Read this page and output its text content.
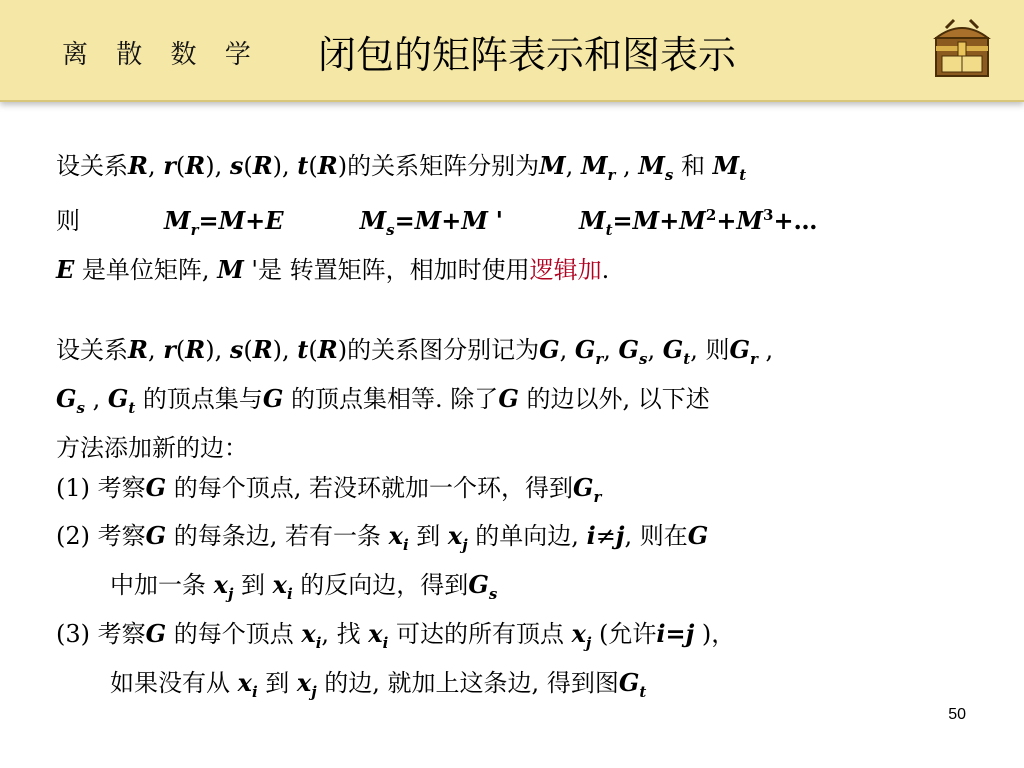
离 散 数 学 闭包的矩阵表示和图表示
设关系R, r(R), s(R), t(R)的关系矩阵分别为M, $M_r$ , $M_s$ 和 $M_t$
则	$M_r=M+E$	$M_s=M+M$ '	$M_t=M+M^2+M^3+\dots$
E 是单位矩阵, M '是 转置矩阵，相加时使用逻辑加.
设关系R, r(R), s(R), t(R)的关系图分别记为G, $G_r$, $G_s$, $G_t$, 则$G_r$ ,
$G_s$ , $G_t$ 的顶点集与G 的顶点集相等. 除了G 的边以外, 以下述
方法添加新的边：
(1) 考察G 的每个顶点, 若没环就加一个环，得到$G_r$
(2) 考察G 的每条边, 若有一条 $x_i$ 到 $x_j$ 的单向边, i≠j, 则在G
中加一条 $x_j$ 到 $x_i$ 的反向边，得到$G_s$
(3) 考察G 的每个顶点 $x_i$, 找 $x_i$ 可达的所有顶点 $x_j$ (允许i=j )，
如果没有从 $x_i$ 到 $x_j$ 的边, 就加上这条边, 得到图$G_t$
50
